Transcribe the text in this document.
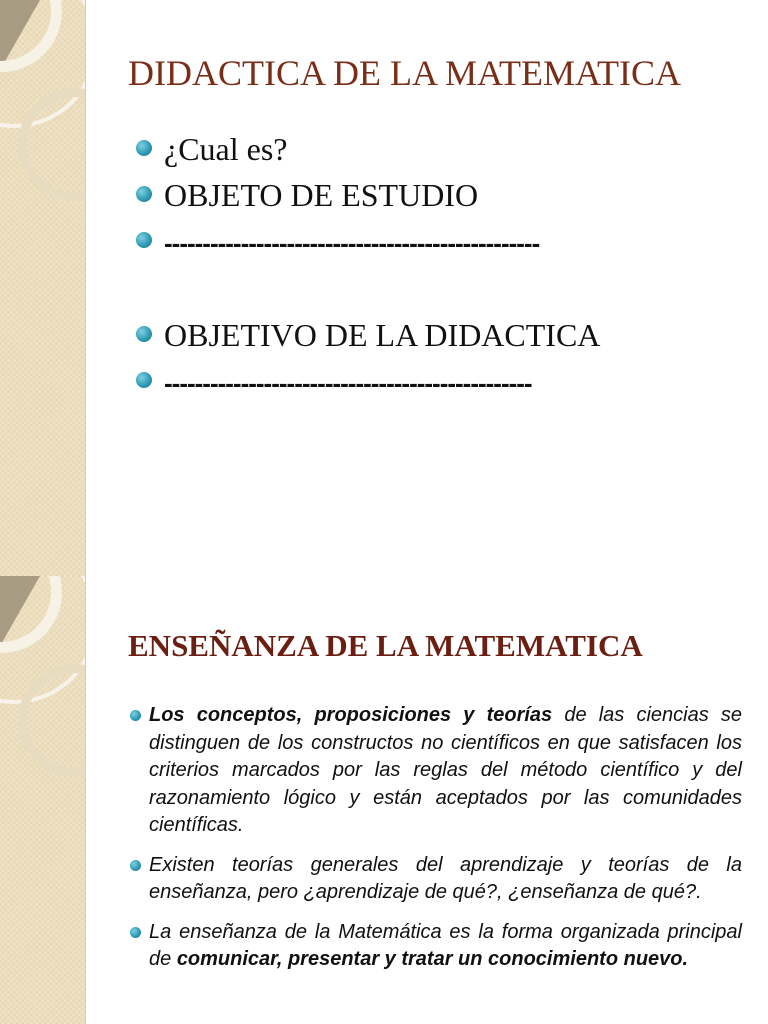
DIDACTICA DE LA MATEMATICA
¿Cual es?
OBJETO DE ESTUDIO
-------------------------------------------------
OBJETIVO DE LA DIDACTICA
------------------------------------------------
ENSEÑANZA DE LA MATEMATICA
Los conceptos, proposiciones y teorías de las ciencias se distinguen de los constructos no científicos en que satisfacen los criterios marcados por las reglas del método científico y del razonamiento lógico y están aceptados por las comunidades científicas.
Existen teorías generales del aprendizaje y teorías de la enseñanza, pero ¿aprendizaje de qué?, ¿enseñanza de qué?.
La enseñanza de la Matemática es la forma organizada principal de comunicar, presentar y tratar un conocimiento nuevo.
